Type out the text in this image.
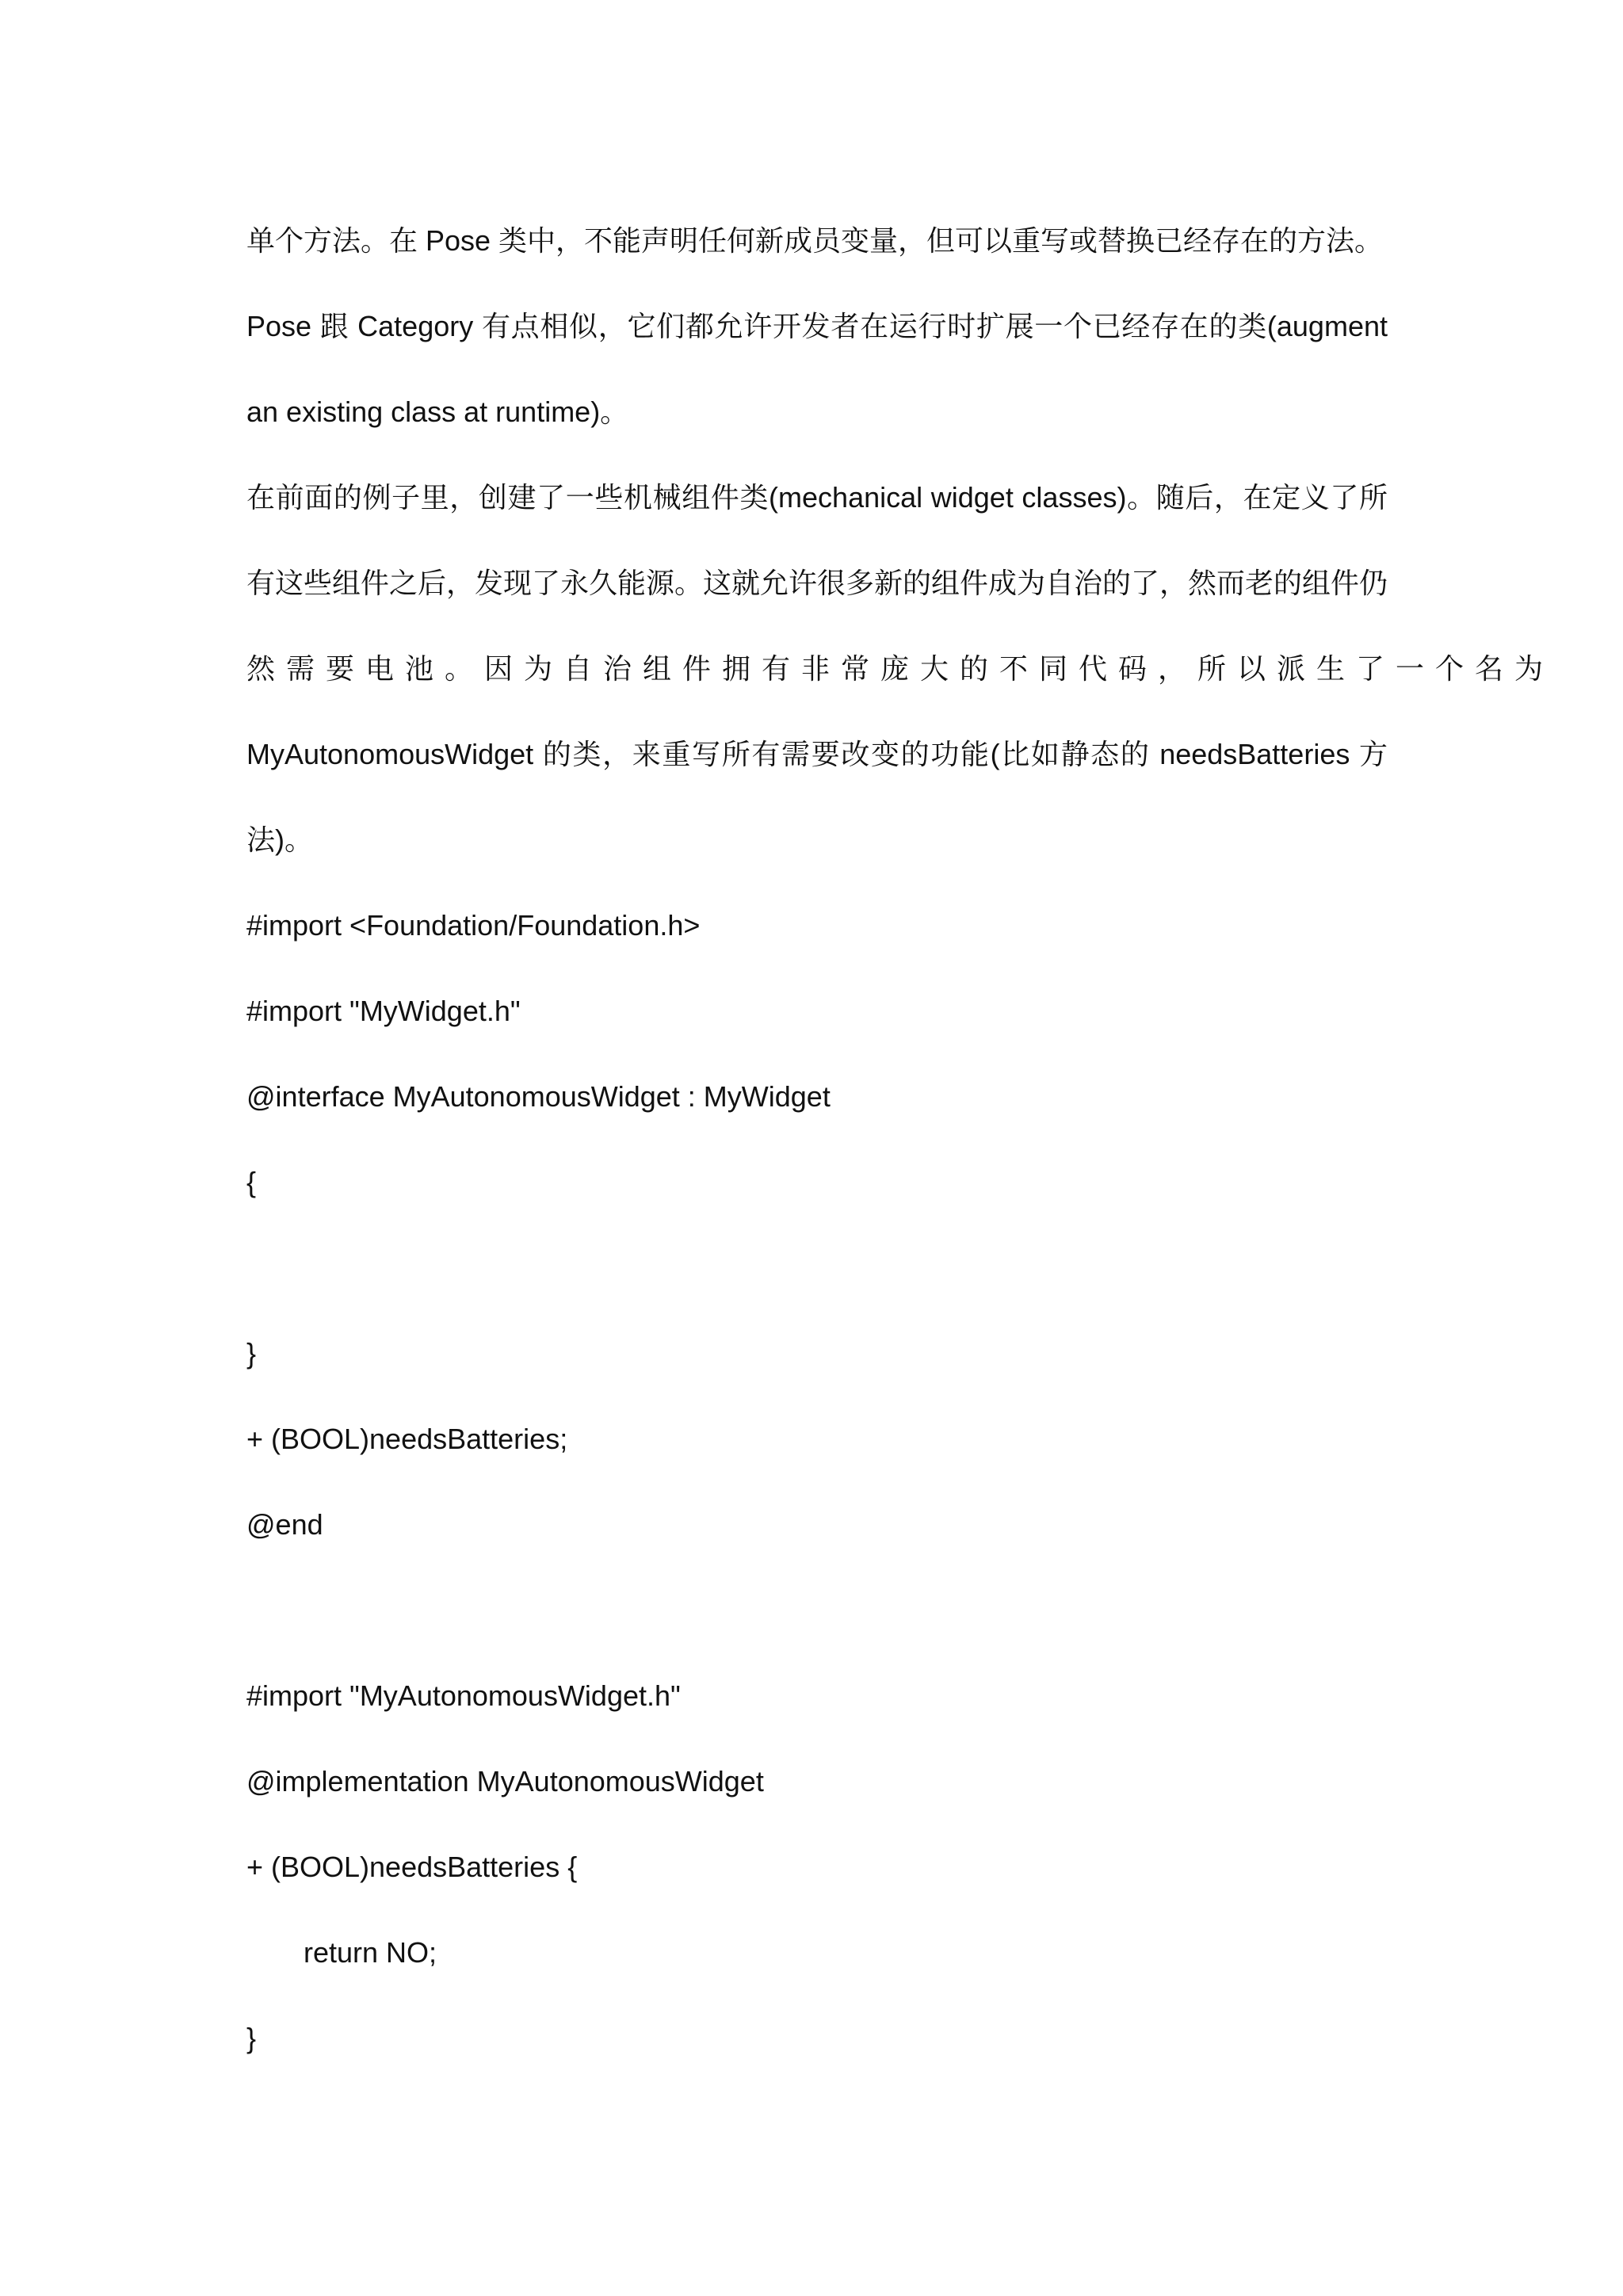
单个方法。在 Pose 类中，不能声明任何新成员变量，但可以重写或替换已经存在的方法。
Pose 跟 Category 有点相似，它们都允许开发者在运行时扩展一个已经存在的类(augment
an existing class at runtime)。
在前面的例子里，创建了一些机械组件类(mechanical widget classes)。随后，在定义了所
有这些组件之后，发现了永久能源。这就允许很多新的组件成为自治的了，然而老的组件仍
然需要电池。因为自治组件拥有非常庞大的不同代码，所以派生了一个名为
MyAutonomousWidget 的类，来重写所有需要改变的功能(比如静态的 needsBatteries 方
法)。
#import <Foundation/Foundation.h>
#import "MyWidget.h"
@interface MyAutonomousWidget : MyWidget
{
}
+ (BOOL)needsBatteries;
@end
#import "MyAutonomousWidget.h"
@implementation MyAutonomousWidget
+ (BOOL)needsBatteries {
return NO;
}
